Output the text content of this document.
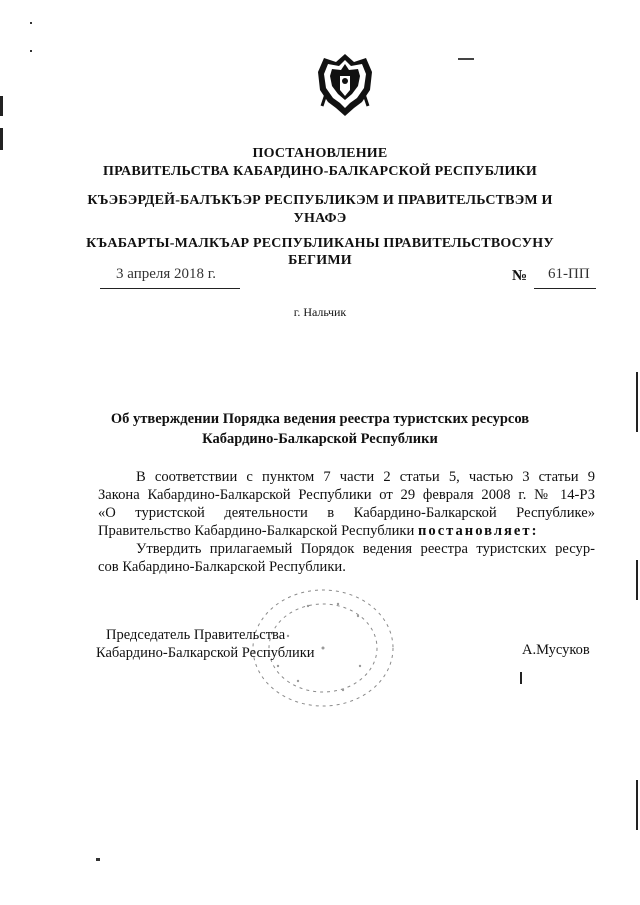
ПОСТАНОВЛЕНИЕ
ПРАВИТЕЛЬСТВА КАБАРДИНО-БАЛКАРСКОЙ РЕСПУБЛИКИ
КЪЭБЭРДЕЙ-БАЛЪКЪЭР РЕСПУБЛИКЭМ И ПРАВИТЕЛЬСТВЭМ И
УНАФЭ
КЪАБАРТЫ-МАЛКЪАР РЕСПУБЛИКАНЫ ПРАВИТЕЛЬСТВОСУНУ
БЕГИМИ
3 апреля 2018 г.	№ 61-ПП
г. Нальчик
Об утверждении Порядка ведения реестра туристских ресурсов
Кабардино-Балкарской Республики
В соответствии с пунктом 7 части 2 статьи 5, частью 3 статьи 9
Закона Кабардино-Балкарской Республики от 29 февраля 2008 г. № 14-РЗ
«О туристской деятельности в Кабардино-Балкарской Республике»
Правительство Кабардино-Балкарской Республики постановляет:
Утвердить прилагаемый Порядок ведения реестра туристских ресур-
сов Кабардино-Балкарской Республики.
Председатель Правительства
Кабардино-Балкарской Республики	А.Мусуков
